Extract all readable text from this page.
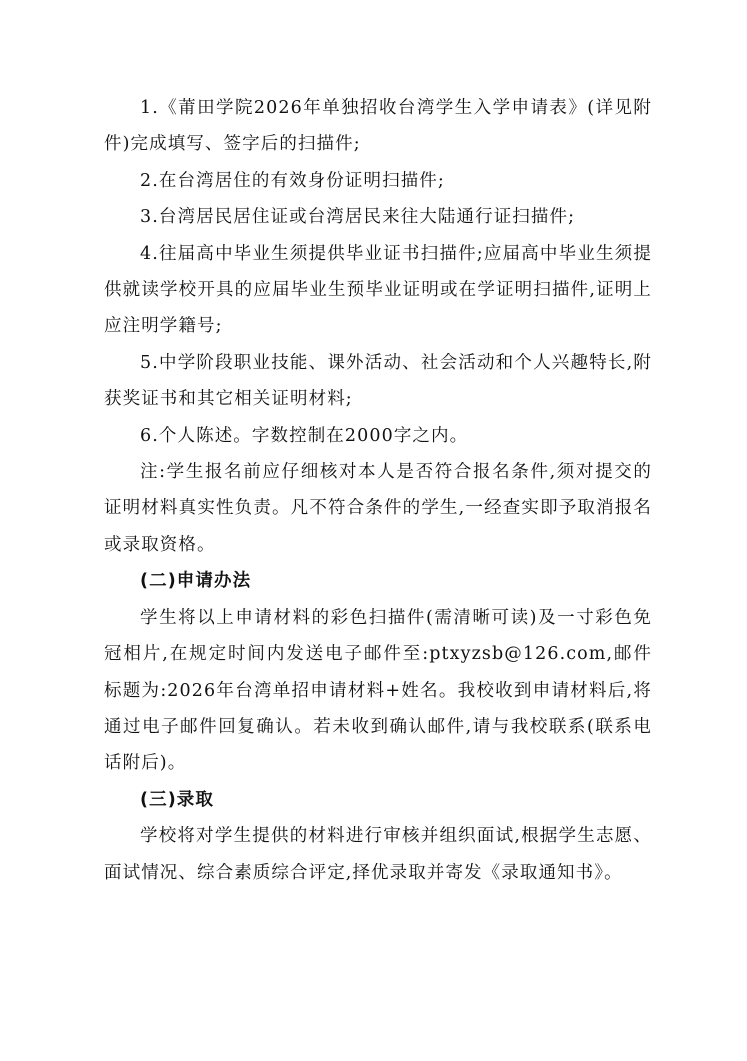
1.《莆田学院2026年单独招收台湾学生入学申请表》(详见附件)完成填写、签字后的扫描件;

2.在台湾居住的有效身份证明扫描件;

3.台湾居民居住证或台湾居民来往大陆通行证扫描件;

4.往届高中毕业生须提供毕业证书扫描件;应届高中毕业生须提供就读学校开具的应届毕业生预毕业证明或在学证明扫描件,证明上应注明学籍号;

5.中学阶段职业技能、课外活动、社会活动和个人兴趣特长,附获奖证书和其它相关证明材料;

6.个人陈述。字数控制在2000字之内。

注:学生报名前应仔细核对本人是否符合报名条件,须对提交的证明材料真实性负责。凡不符合条件的学生,一经查实即予取消报名或录取资格。

(二)申请办法

学生将以上申请材料的彩色扫描件(需清晰可读)及一寸彩色免冠相片,在规定时间内发送电子邮件至:ptxyzsb@126.com,邮件标题为:2026年台湾单招申请材料+姓名。我校收到申请材料后,将通过电子邮件回复确认。若未收到确认邮件,请与我校联系(联系电话附后)。

(三)录取

学校将对学生提供的材料进行审核并组织面试,根据学生志愿、面试情况、综合素质综合评定,择优录取并寄发《录取通知书》。
